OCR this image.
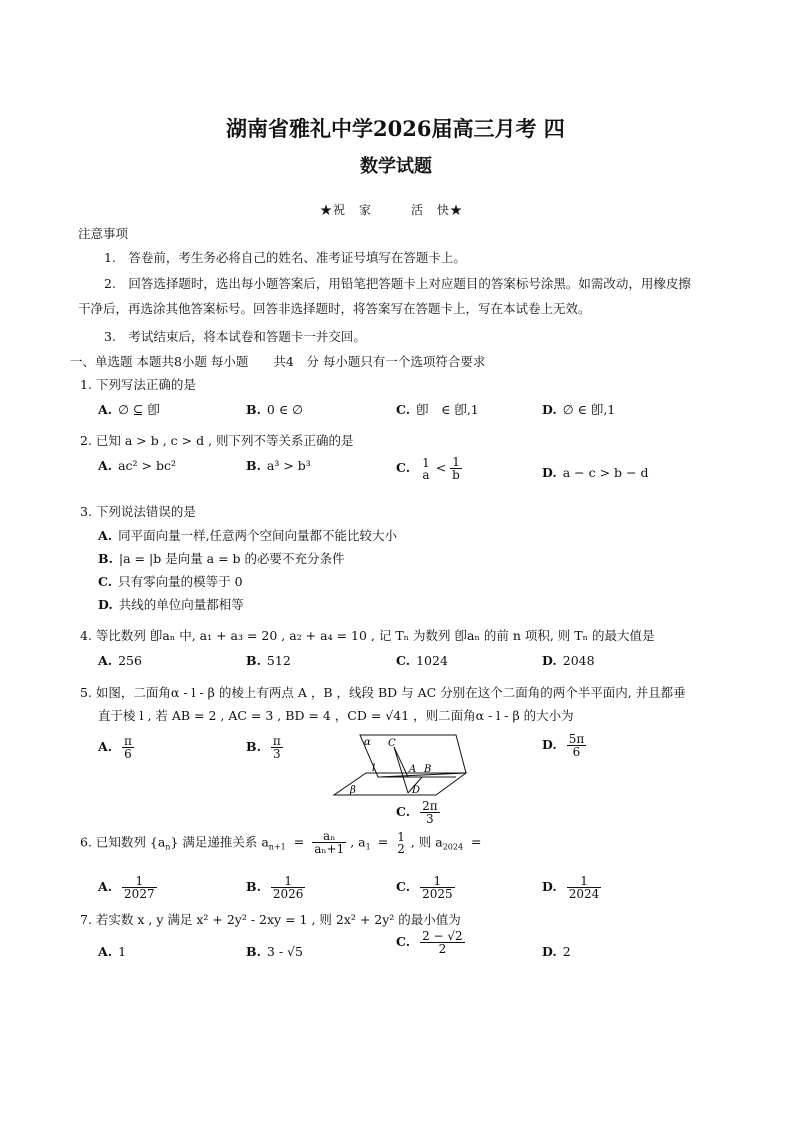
湖南省雅礼中学2026届高三月考 四
数学试题
★祝　家　　　活　快★
注意事项
1.　答卷前，考生务必将自己的姓名、准考证号填写在答题卡上。
2.　回答选择题时，选出每小题答案后，用铅笔把答题卡上对应题目的答案标号涂黑。如需改动，用橡皮擦
干净后，再选涂其他答案标号。回答非选择题时，将答案写在答题卡上，写在本试卷上无效。
3.　考试结束后，将本试卷和答题卡一并交回。
一、单选题 本题共8小题 每小题　　共4　分 每小题只有一个选项符合要求
1. 下列写法正确的是
A. ∅ ⊆ 卽	B. 0 ∈ ∅	C. 卽　∈ 卽,1	D. ∅ ∈ 卽,1
2. 已知 a > b , c > d , 则下列不等关系正确的是
A. ac² > bc²	B. a³ > b³	C. 1
$a < \frac{1}{b}$	D. a − c > b − d
3. 下列说法错误的是
A. 同平面向量一样,任意两个空间向量都不能比较大小
B. |a = |b 是向量 a = b 的必要不充分条件
C. 只有零向量的模等于 0
D. 共线的单位向量都相等
4. 等比数列 卽aₙ 中, a₁ + a₃ = 20 , a₂ + a₄ = 10 , 记 Tₙ 为数列 卽aₙ 的前 n 项积, 则 Tₙ 的最大值是
A. 256	B. 512	C. 1024	D. 2048
5. 如图，二面角α - l - β 的棱上有两点 A ，B ，线段 BD 与 AC 分别在这个二面角的两个半平面内, 并且都垂
直于棱 l , 若 AB = 2 , AC = 3 , BD = 4 ，CD = √41 ，则二面角α - l - β 的大小为
A. $\frac{\pi}{6}$	B. $\frac{\pi}{3}$	D. $\frac{5\pi}{6}$
α C
l	A B
D
β
C. $\frac{2\pi}{3}$
6. 已知数列 $\{a_n\}$ 满足递推关系 $a_{n+1} = \frac{\text{aₙ}}{\text{aₙ+1}}$ , $a_1 = 1$
2 , 则 $a_{2024}$ =
A. $\frac{1}{2027}$	B. $\frac{1}{2026}$	C. $\frac{1}{2025}$	D. $\frac{1}{2024}$
7. 若实数 x , y 满足 x² + 2y² - 2xy = 1 , 则 2x² + 2y² 的最小值为
A. 1	B. 3 - √5
C. $\frac{2 - √2}{2}$	D. 2
